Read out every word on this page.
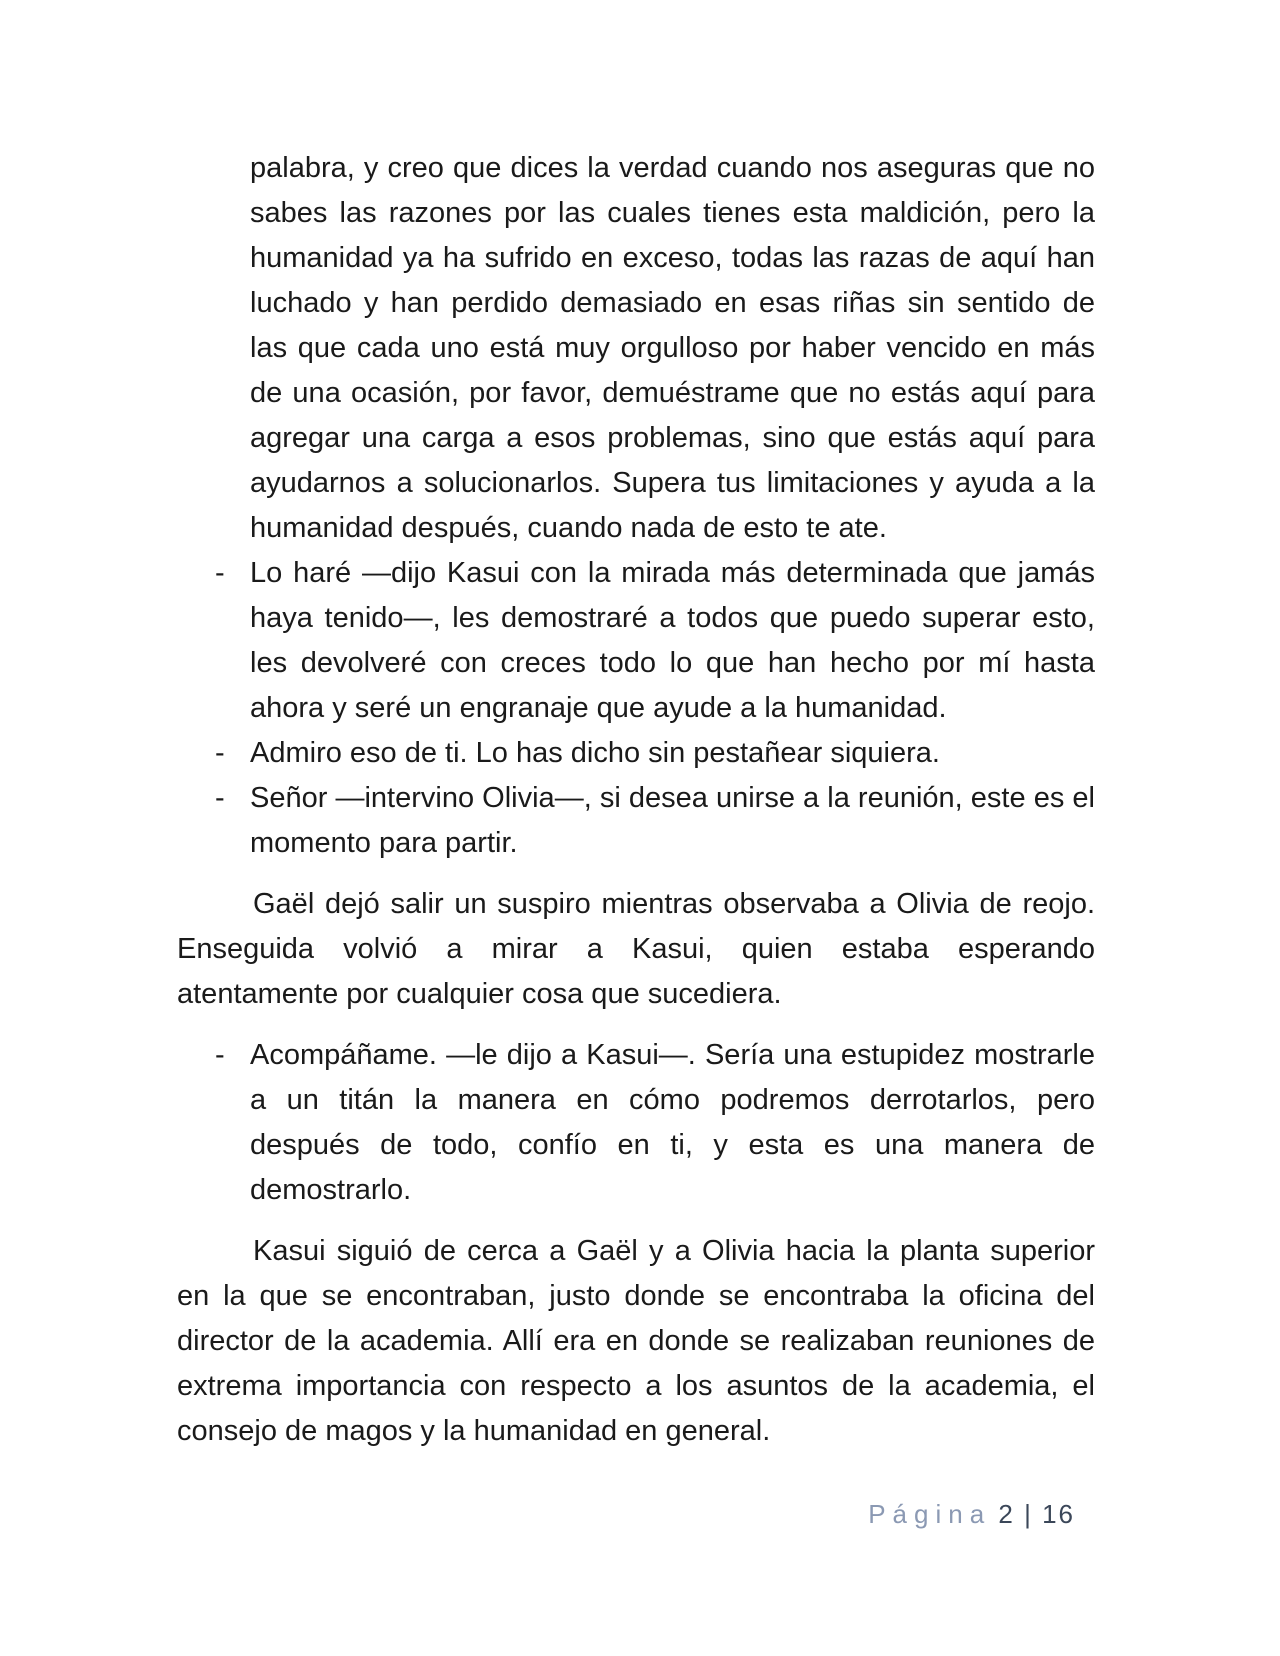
palabra, y creo que dices la verdad cuando nos aseguras que no sabes las razones por las cuales tienes esta maldición, pero la humanidad ya ha sufrido en exceso, todas las razas de aquí han luchado y han perdido demasiado en esas riñas sin sentido de las que cada uno está muy orgulloso por haber vencido en más de una ocasión, por favor, demuéstrame que no estás aquí para agregar una carga a esos problemas, sino que estás aquí para ayudarnos a solucionarlos. Supera tus limitaciones y ayuda a la humanidad después, cuando nada de esto te ate.
- Lo haré —dijo Kasui con la mirada más determinada que jamás haya tenido—, les demostraré a todos que puedo superar esto, les devolveré con creces todo lo que han hecho por mí hasta ahora y seré un engranaje que ayude a la humanidad.
- Admiro eso de ti. Lo has dicho sin pestañear siquiera.
- Señor —intervino Olivia—, si desea unirse a la reunión, este es el momento para partir.
Gaël dejó salir un suspiro mientras observaba a Olivia de reojo. Enseguida volvió a mirar a Kasui, quien estaba esperando atentamente por cualquier cosa que sucediera.
- Acompáñame. —le dijo a Kasui—. Sería una estupidez mostrarle a un titán la manera en cómo podremos derrotarlos, pero después de todo, confío en ti, y esta es una manera de demostrarlo.
Kasui siguió de cerca a Gaël y a Olivia hacia la planta superior en la que se encontraban, justo donde se encontraba la oficina del director de la academia. Allí era en donde se realizaban reuniones de extrema importancia con respecto a los asuntos de la academia, el consejo de magos y la humanidad en general.
Página 2 | 16
